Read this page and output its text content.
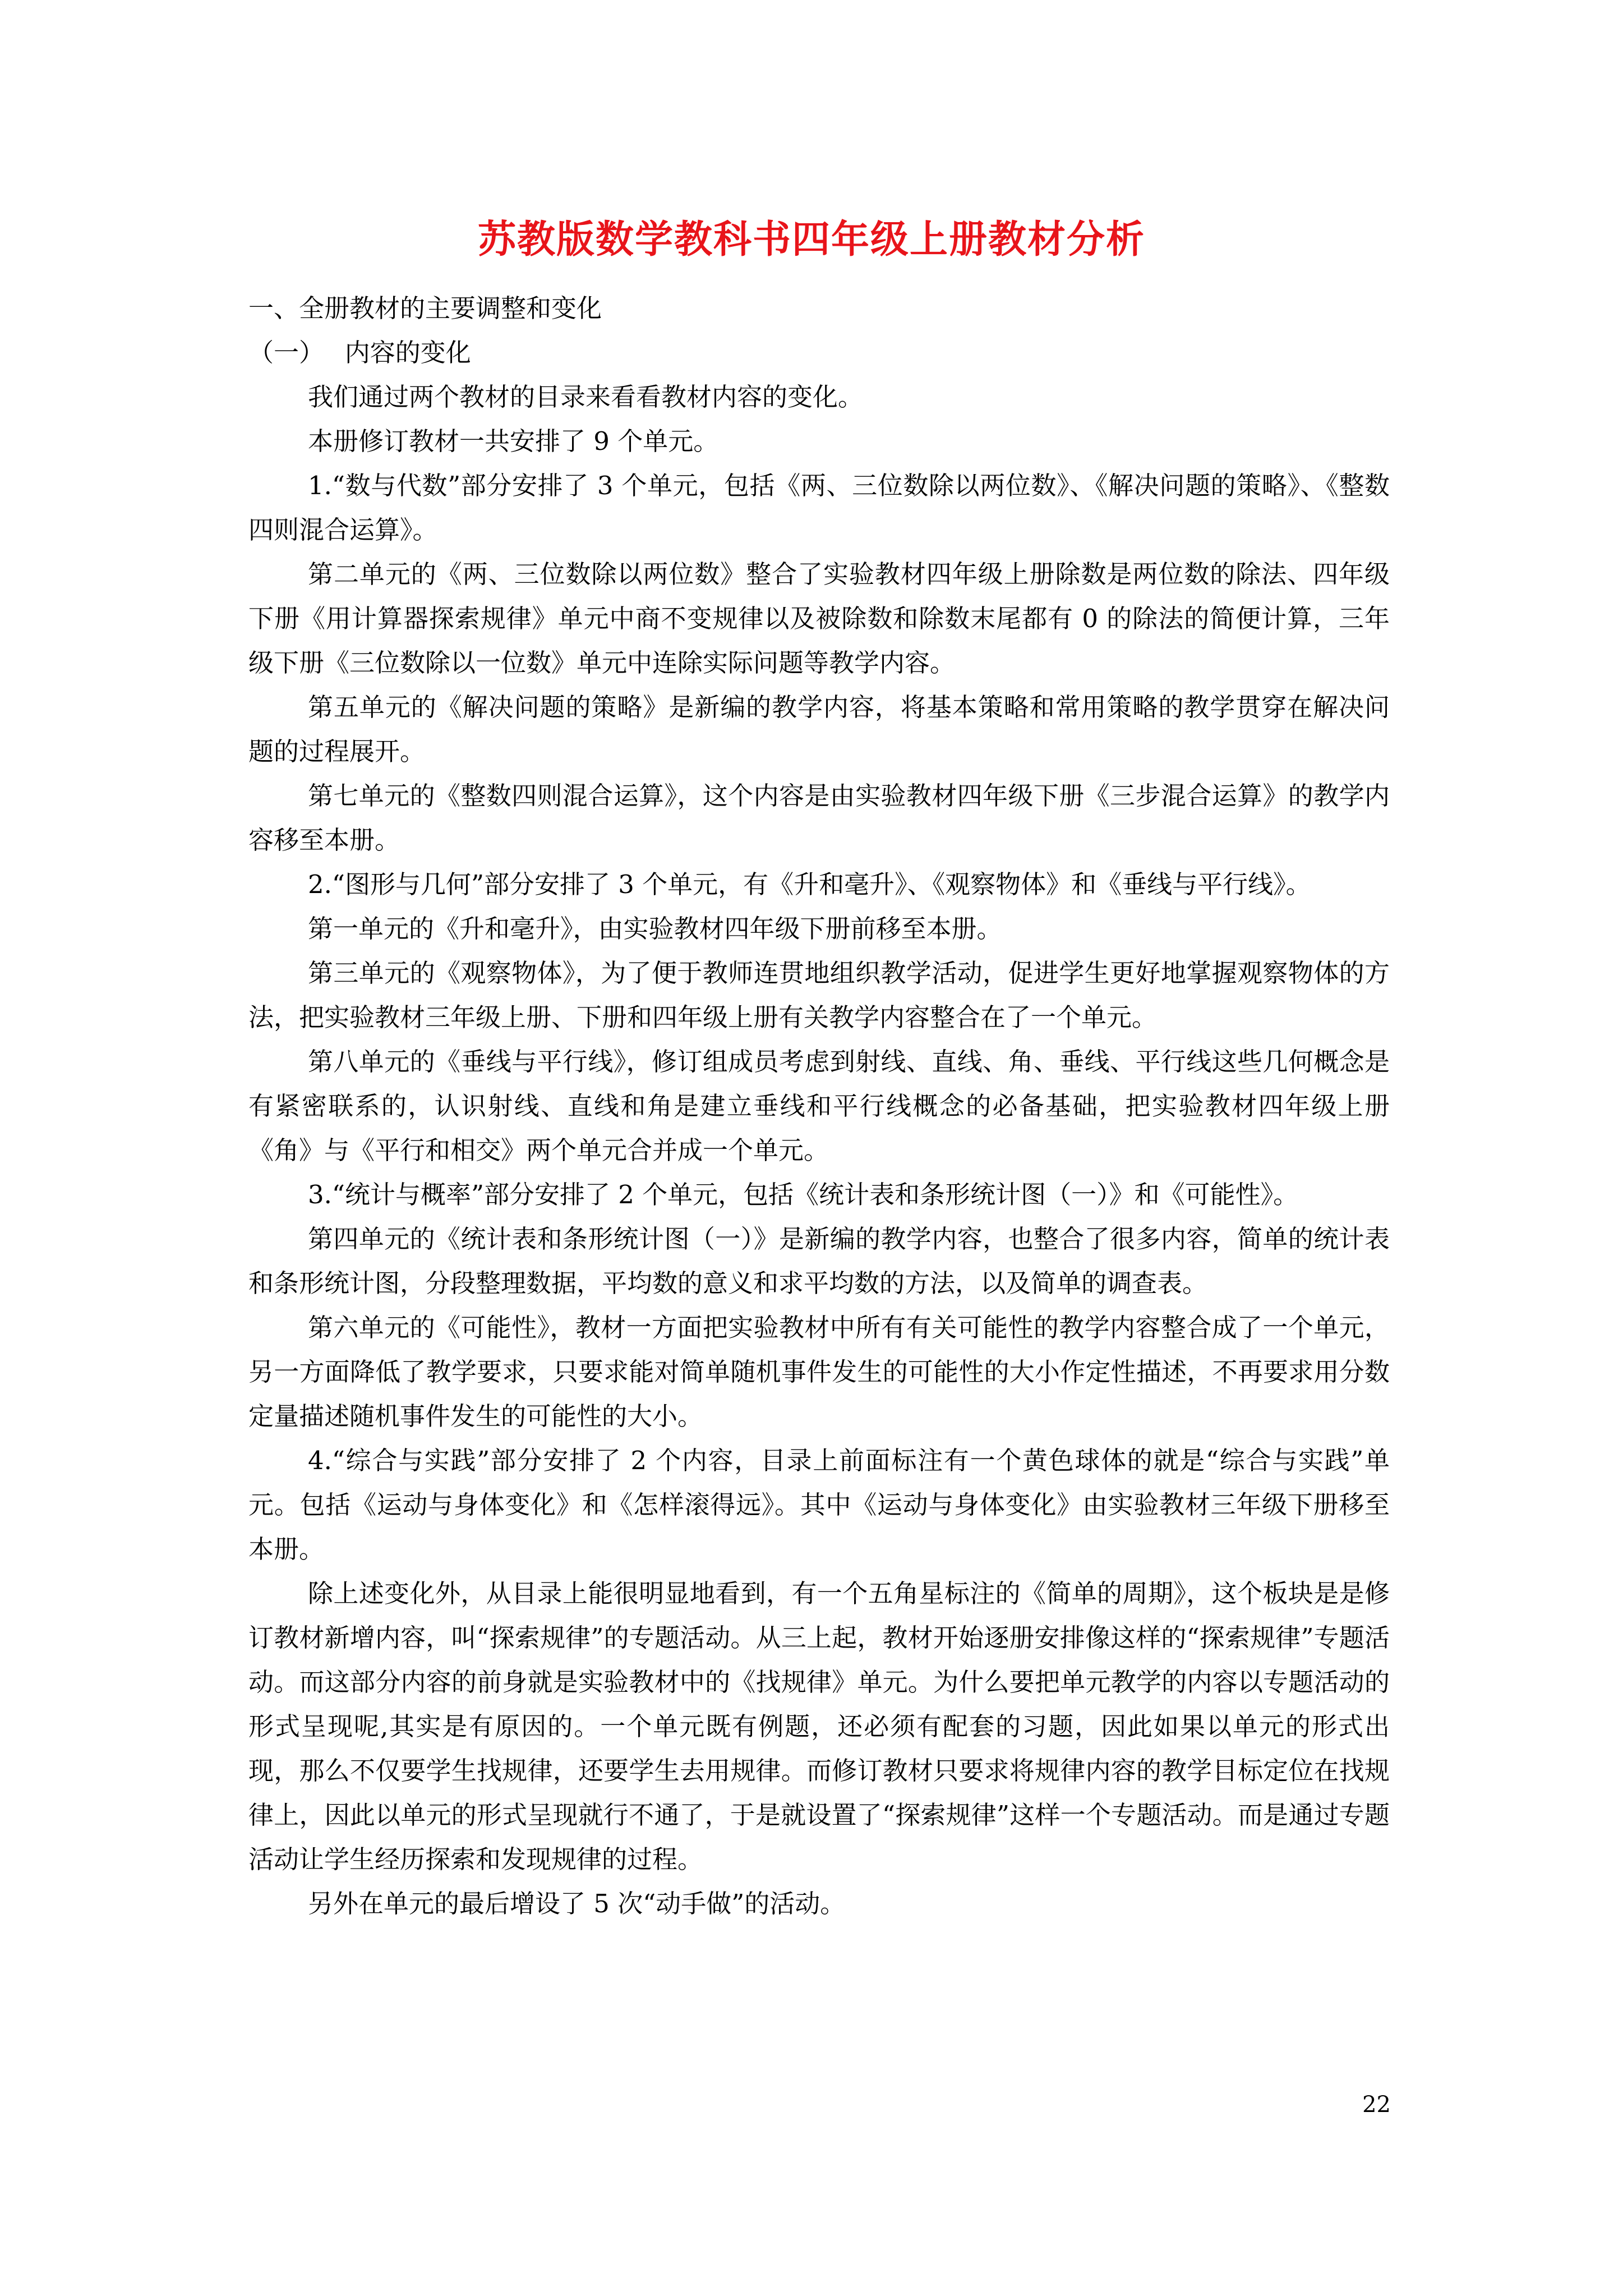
苏教版数学教科书四年级上册教材分析

一、全册教材的主要调整和变化

（一）　 内容的变化

我们通过两个教材的目录来看看教材内容的变化。

本册修订教材一共安排了 9 个单元。

1.“数与代数”部分安排了 3 个单元，包括《两、三位数除以两位数》、《解决问题的策略》、《整数四则混合运算》。

第二单元的《两、三位数除以两位数》整合了实验教材四年级上册除数是两位数的除法、四年级下册《用计算器探索规律》单元中商不变规律以及被除数和除数末尾都有 0 的除法的简便计算，三年级下册《三位数除以一位数》单元中连除实际问题等教学内容。

第五单元的《解决问题的策略》是新编的教学内容，将基本策略和常用策略的教学贯穿在解决问题的过程展开。

第七单元的《整数四则混合运算》，这个内容是由实验教材四年级下册《三步混合运算》的教学内容移至本册。

2.“图形与几何”部分安排了 3 个单元，有《升和毫升》、《观察物体》和《垂线与平行线》。

第一单元的《升和毫升》，由实验教材四年级下册前移至本册。

第三单元的《观察物体》，为了便于教师连贯地组织教学活动，促进学生更好地掌握观察物体的方法，把实验教材三年级上册、下册和四年级上册有关教学内容整合在了一个单元。

第八单元的《垂线与平行线》，修订组成员考虑到射线、直线、角、垂线、平行线这些几何概念是有紧密联系的，认识射线、直线和角是建立垂线和平行线概念的必备基础，把实验教材四年级上册《角》与《平行和相交》两个单元合并成一个单元。

3.“统计与概率”部分安排了 2 个单元，包括《统计表和条形统计图（一）》和《可能性》。

第四单元的《统计表和条形统计图（一）》是新编的教学内容，也整合了很多内容，简单的统计表和条形统计图，分段整理数据，平均数的意义和求平均数的方法，以及简单的调查表。

第六单元的《可能性》，教材一方面把实验教材中所有有关可能性的教学内容整合成了一个单元，另一方面降低了教学要求，只要求能对简单随机事件发生的可能性的大小作定性描述，不再要求用分数定量描述随机事件发生的可能性的大小。

4.“综合与实践”部分安排了 2 个内容，目录上前面标注有一个黄色球体的就是“综合与实践”单元。包括《运动与身体变化》和《怎样滚得远》。其中《运动与身体变化》由实验教材三年级下册移至本册。

除上述变化外，从目录上能很明显地看到，有一个五角星标注的《简单的周期》，这个板块是是修订教材新增内容，叫“探索规律”的专题活动。从三上起，教材开始逐册安排像这样的“探索规律”专题活动。而这部分内容的前身就是实验教材中的《找规律》单元。为什么要把单元教学的内容以专题活动的形式呈现呢,其实是有原因的。一个单元既有例题，还必须有配套的习题，因此如果以单元的形式出现，那么不仅要学生找规律，还要学生去用规律。而修订教材只要求将规律内容的教学目标定位在找规律上，因此以单元的形式呈现就行不通了，于是就设置了“探索规律”这样一个专题活动。而是通过专题活动让学生经历探索和发现规律的过程。

另外在单元的最后增设了 5 次“动手做”的活动。

22
